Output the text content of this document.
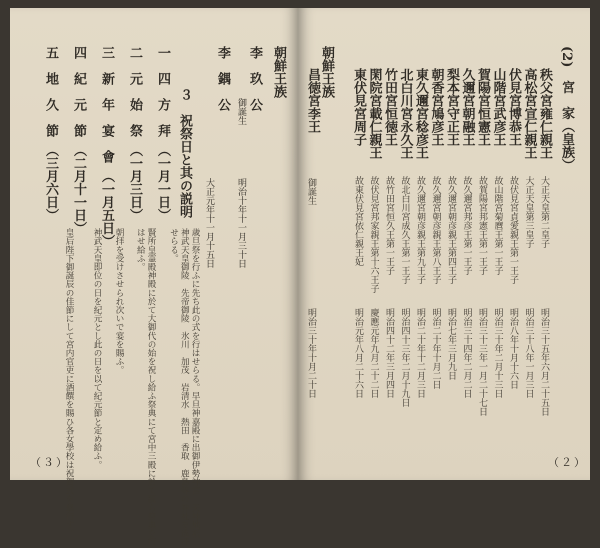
朝鮮王族
李　玖　公
御誕生
明治十年十一月三十日
李　鍝　公
大正元年十一月十五日
３　祝祭日と其の説明
一　四　方　拜　（一月一日）
二　元　始　祭　（一月三日）
三　新　年　宴　會　（一月五日）
四　紀　元　節　（二月十一日）
五　地　久　節　（三月六日）
歳旦祭を行ふに先ち此の式を行はせらる。早旦神嘉殿に出御伊勢神宮　天神地祇　神武天皇御陵　先帝御陵　氷川　加茂　岩清水　熱田　香取　鹿島等の神社を遙拝せらる。
賢所皇霊殿神殿に於て大御代の始を祝し給ふ祭典にて宮中三殿に於て親ら祭典を行はせ給ふ。
朝拝を受けさせられ次いで宴を賜ふ。
神武天皇即位の日を紀元とし此の日を以て紀元節と定め給ふ。
皇后陛下御誕辰の佳節にして宮内官吏に酒饌を賜ひ各女學校は祝賀式を擧行す。
（３）
(2)　宮　家（皇族）
秩父宮雍仁親王
大正天皇第二皇子
明治三十五年六月二十五日
高松宮宣仁親王
大正天皇第三皇子
明治三十八年一月三日
伏見宮博恭王
故伏見宮貞愛親王第一王子
明治八年十月十六日
山階宮武彦王
故山階宮菊麿王第一王子
明治三十年二月十三日
賀陽宮恒憲王
故賀陽宮邦憲王第一王子
明治三十三年一月二十七日
久邇宮朝融王
故久邇宮邦彦王第一王子
明治三十四年二月二日
梨本宮守正王
故久邇宮朝彦親王第四王子
明治七年三月九日
朝香宮鳩彦王
故久邇宮朝彦親王第八王子
明治二十年十月二日
東久邇宮稔彦王
故久邇宮朝彦親王第九王子
明治二十年十二月三日
北白川宮永久王
故北白川宮成久王第一王子
明治四十三年二月十九日
竹田宮恒徳王
故竹田宮恒久王第一王子
明治四十二年三月四日
閑院宮載仁親王
故伏見宮邦家親王第十六王子
慶應元年九月二十二日
東伏見宮周子
故東伏見宮依仁親王妃
明治元年八月二十六日
昌徳宮李王
御誕生
明治三十年十月二十日
朝鮮王族
（２）
